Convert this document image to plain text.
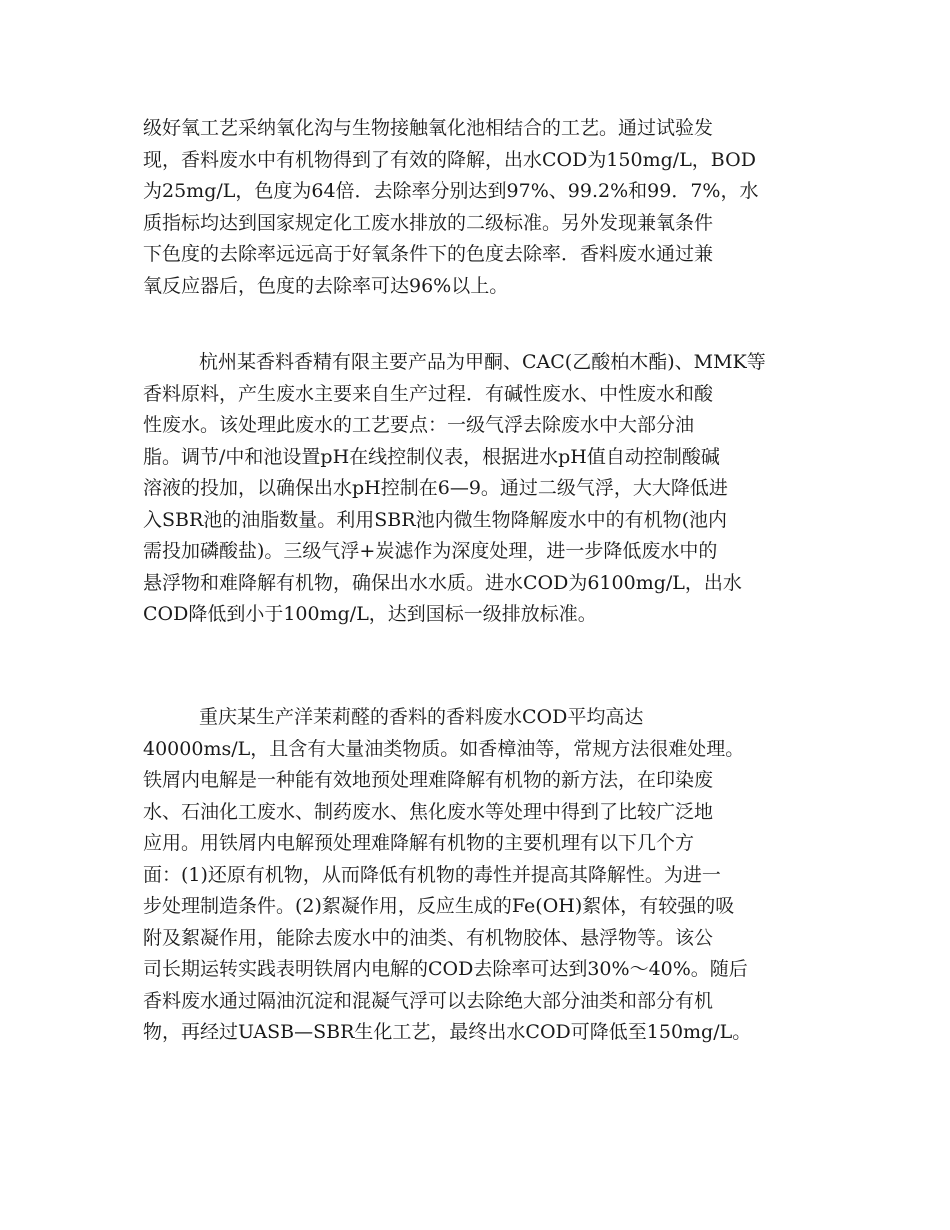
级好氧工艺采纳氧化沟与生物接触氧化池相结合的工艺。通过试验发
现，香料废水中有机物得到了有效的降解，出水COD为150mg/L，BOD
为25mg/L，色度为64倍．去除率分别达到97%、99.2%和99．7%，水
质指标均达到国家规定化工废水排放的二级标准。另外发现兼氧条件
下色度的去除率远远高于好氧条件下的色度去除率．香料废水通过兼
氧反应器后，色度的去除率可达96%以上。
杭州某香料香精有限主要产品为甲酮、CAC(乙酸柏木酯)、MMK等
香料原料，产生废水主要来自生产过程．有碱性废水、中性废水和酸
性废水。该处理此废水的工艺要点：一级气浮去除废水中大部分油
脂。调节/中和池设置pH在线控制仪表，根据进水pH值自动控制酸碱
溶液的投加，以确保出水pH控制在6—9。通过二级气浮，大大降低进
入SBR池的油脂数量。利用SBR池内微生物降解废水中的有机物(池内
需投加磷酸盐)。三级气浮+炭滤作为深度处理，进一步降低废水中的
悬浮物和难降解有机物，确保出水水质。进水COD为6100mg/L，出水
COD降低到小于100mg/L，达到国标一级排放标准。
重庆某生产洋茉莉醛的香料的香料废水COD平均高达
40000ms/L，且含有大量油类物质。如香樟油等，常规方法很难处理。
铁屑内电解是一种能有效地预处理难降解有机物的新方法，在印染废
水、石油化工废水、制药废水、焦化废水等处理中得到了比较广泛地
应用。用铁屑内电解预处理难降解有机物的主要机理有以下几个方
面：(1)还原有机物，从而降低有机物的毒性并提高其降解性。为进一
步处理制造条件。(2)絮凝作用，反应生成的Fe(OH)絮体，有较强的吸
附及絮凝作用，能除去废水中的油类、有机物胶体、悬浮物等。该公
司长期运转实践表明铁屑内电解的COD去除率可达到30%～40%。随后
香料废水通过隔油沉淀和混凝气浮可以去除绝大部分油类和部分有机
物，再经过UASB—SBR生化工艺，最终出水COD可降低至150mg/L。
